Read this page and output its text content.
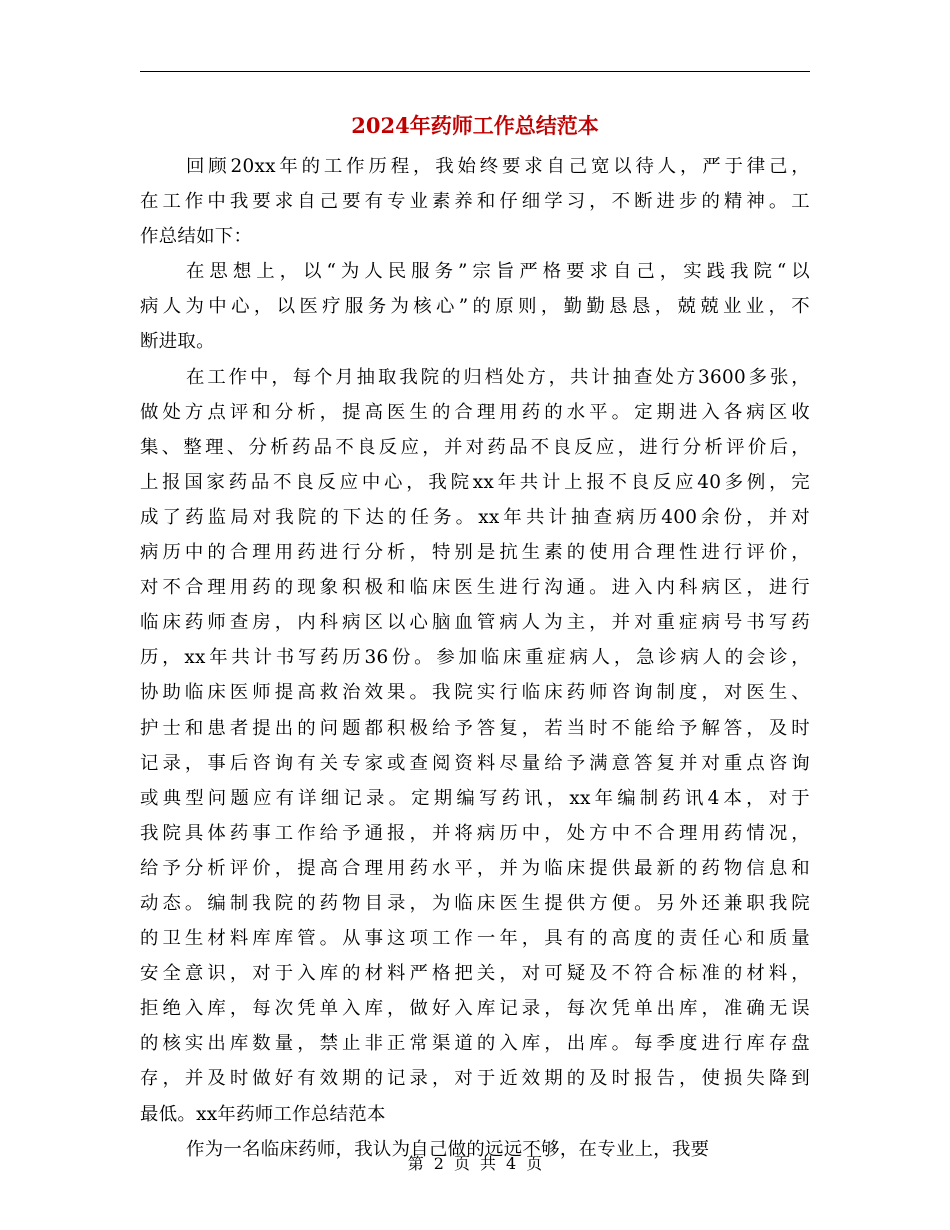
2024年药师工作总结范本
回顾20xx年的工作历程，我始终要求自己宽以待人，严于律己，
在工作中我要求自己要有专业素养和仔细学习，不断进步的精神。工
作总结如下：
在思想上，以“为人民服务”宗旨严格要求自己，实践我院“以
病人为中心，以医疗服务为核心”的原则，勤勤恳恳，兢兢业业，不
断进取。
在工作中，每个月抽取我院的归档处方，共计抽查处方3600多张，
做处方点评和分析，提高医生的合理用药的水平。定期进入各病区收
集、整理、分析药品不良反应，并对药品不良反应，进行分析评价后，
上报国家药品不良反应中心，我院xx年共计上报不良反应40多例，完
成了药监局对我院的下达的任务。xx年共计抽查病历400余份，并对
病历中的合理用药进行分析，特别是抗生素的使用合理性进行评价，
对不合理用药的现象积极和临床医生进行沟通。进入内科病区，进行
临床药师查房，内科病区以心脑血管病人为主，并对重症病号书写药
历，xx年共计书写药历36份。参加临床重症病人，急诊病人的会诊，
协助临床医师提高救治效果。我院实行临床药师咨询制度，对医生、
护士和患者提出的问题都积极给予答复，若当时不能给予解答，及时
记录，事后咨询有关专家或查阅资料尽量给予满意答复并对重点咨询
或典型问题应有详细记录。定期编写药讯，xx年编制药讯4本，对于
我院具体药事工作给予通报，并将病历中，处方中不合理用药情况，
给予分析评价，提高合理用药水平，并为临床提供最新的药物信息和
动态。编制我院的药物目录，为临床医生提供方便。另外还兼职我院
的卫生材料库库管。从事这项工作一年，具有的高度的责任心和质量
安全意识，对于入库的材料严格把关，对可疑及不符合标准的材料，
拒绝入库，每次凭单入库，做好入库记录，每次凭单出库，准确无误
的核实出库数量，禁止非正常渠道的入库，出库。每季度进行库存盘
存，并及时做好有效期的记录，对于近效期的及时报告，使损失降到
最低。xx年药师工作总结范本
作为一名临床药师，我认为自己做的远远不够，在专业上，我要
第 2 页 共 4 页
